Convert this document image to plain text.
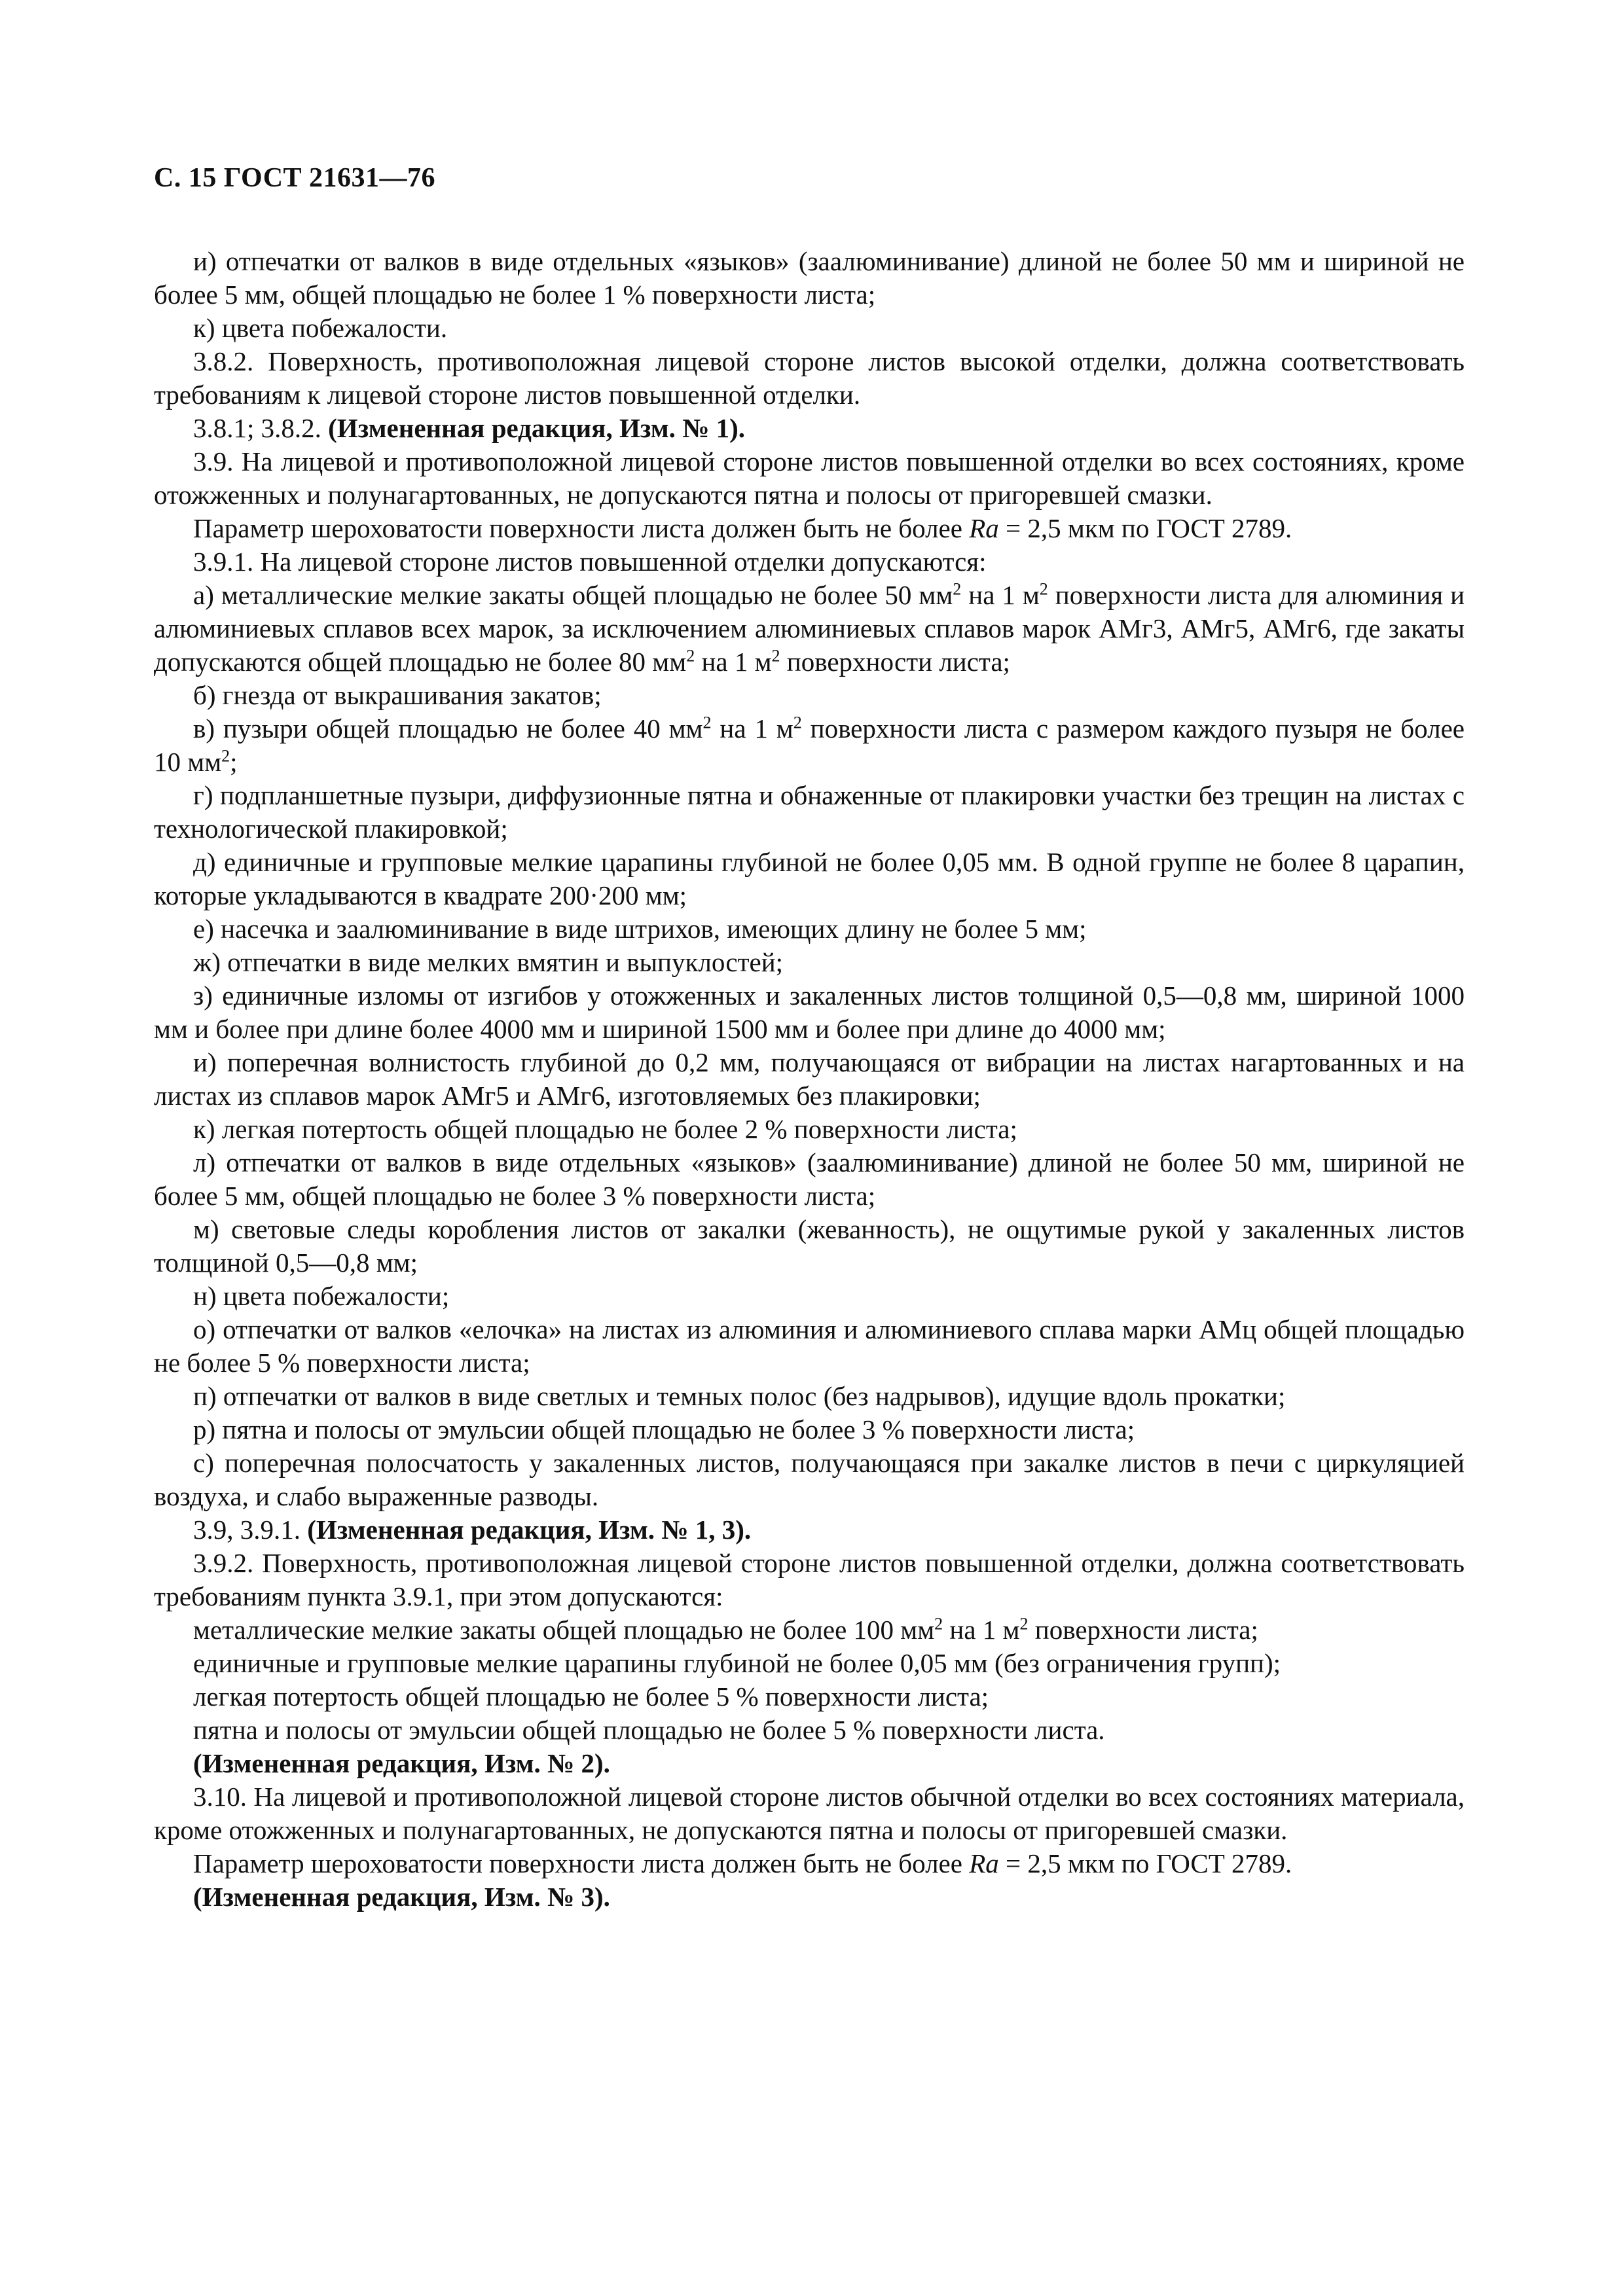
С. 15 ГОСТ 21631—76

и) отпечатки от валков в виде отдельных «языков» (заалюминивание) длиной не более 50 мм и шириной не более 5 мм, общей площадью не более 1 % поверхности листа;

к) цвета побежалости.

3.8.2. Поверхность, противоположная лицевой стороне листов высокой отделки, должна соответствовать требованиям к лицевой стороне листов повышенной отделки.

3.8.1; 3.8.2. (Измененная редакция, Изм. № 1).

3.9. На лицевой и противоположной лицевой стороне листов повышенной отделки во всех состояниях, кроме отожженных и полунагартованных, не допускаются пятна и полосы от пригоревшей смазки.

Параметр шероховатости поверхности листа должен быть не более Ra = 2,5 мкм по ГОСТ 2789.

3.9.1. На лицевой стороне листов повышенной отделки допускаются:

а) металлические мелкие закаты общей площадью не более 50 $мм^2$ на 1 $м^2$ поверхности листа для алюминия и алюминиевых сплавов всех марок, за исключением алюминиевых сплавов марок АМг3, АМг5, АМг6, где закаты допускаются общей площадью не более 80 $мм^2$ на 1 $м^2$ поверхности листа;

б) гнезда от выкрашивания закатов;

в) пузыри общей площадью не более 40 $мм^2$ на 1 $м^2$ поверхности листа с размером каждого пузыря не более 10 $мм^2$;

г) подпланшетные пузыри, диффузионные пятна и обнаженные от плакировки участки без трещин на листах с технологической плакировкой;

д) единичные и групповые мелкие царапины глубиной не более 0,05 мм. В одной группе не более 8 царапин, которые укладываются в квадрате 200·200 мм;

е) насечка и заалюминивание в виде штрихов, имеющих длину не более 5 мм;

ж) отпечатки в виде мелких вмятин и выпуклостей;

з) единичные изломы от изгибов у отожженных и закаленных листов толщиной 0,5—0,8 мм, шириной 1000 мм и более при длине более 4000 мм и шириной 1500 мм и более при длине до 4000 мм;

и) поперечная волнистость глубиной до 0,2 мм, получающаяся от вибрации на листах нагартованных и на листах из сплавов марок АМг5 и АМг6, изготовляемых без плакировки;

к) легкая потертость общей площадью не более 2 % поверхности листа;

л) отпечатки от валков в виде отдельных «языков» (заалюминивание) длиной не более 50 мм, шириной не более 5 мм, общей площадью не более 3 % поверхности листа;

м) световые следы коробления листов от закалки (жеванность), не ощутимые рукой у закаленных листов толщиной 0,5—0,8 мм;

н) цвета побежалости;

о) отпечатки от валков «елочка» на листах из алюминия и алюминиевого сплава марки АМц общей площадью не более 5 % поверхности листа;

п) отпечатки от валков в виде светлых и темных полос (без надрывов), идущие вдоль прокатки;

р) пятна и полосы от эмульсии общей площадью не более 3 % поверхности листа;

с) поперечная полосчатость у закаленных листов, получающаяся при закалке листов в печи с циркуляцией воздуха, и слабо выраженные разводы.

3.9, 3.9.1. (Измененная редакция, Изм. № 1, 3).

3.9.2. Поверхность, противоположная лицевой стороне листов повышенной отделки, должна соответствовать требованиям пункта 3.9.1, при этом допускаются:

металлические мелкие закаты общей площадью не более 100 $мм^2$ на 1 $м^2$ поверхности листа;

единичные и групповые мелкие царапины глубиной не более 0,05 мм (без ограничения групп);

легкая потертость общей площадью не более 5 % поверхности листа;

пятна и полосы от эмульсии общей площадью не более 5 % поверхности листа.

(Измененная редакция, Изм. № 2).

3.10. На лицевой и противоположной лицевой стороне листов обычной отделки во всех состояниях материала, кроме отожженных и полунагартованных, не допускаются пятна и полосы от пригоревшей смазки.

Параметр шероховатости поверхности листа должен быть не более Ra = 2,5 мкм по ГОСТ 2789.

(Измененная редакция, Изм. № 3).
